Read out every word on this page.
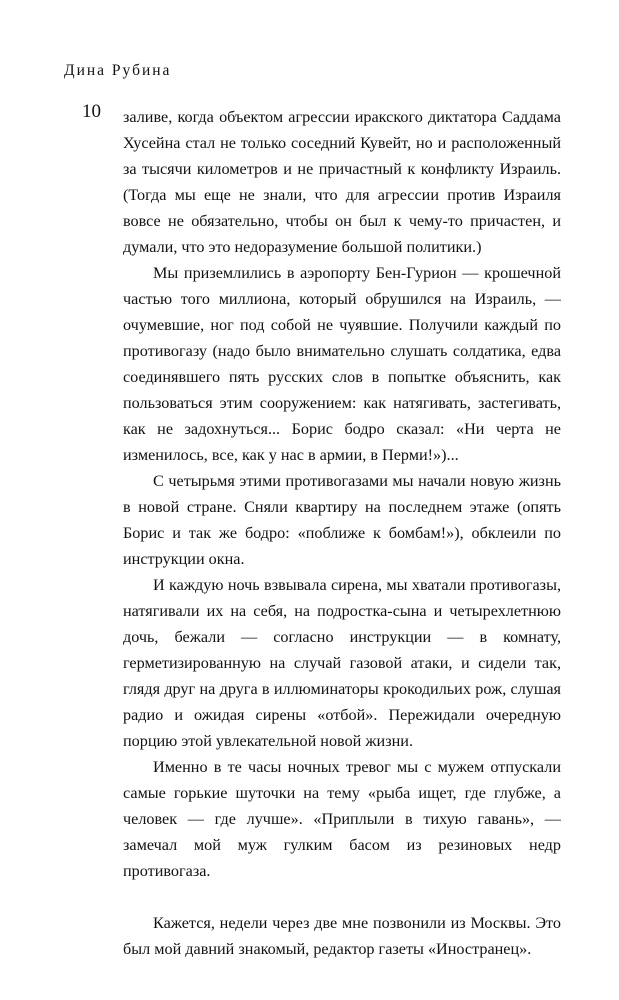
Дина Рубина
10 заливе, когда объектом агрессии иракского диктатора Саддама Хусейна стал не только соседний Кувейт, но и расположенный за тысячи километров и не причастный к конфликту Израиль. (Тогда мы еще не знали, что для агрессии против Израиля вовсе не обязательно, чтобы он был к чему-то причастен, и думали, что это недоразумение большой политики.)

Мы приземлились в аэропорту Бен-Гурион — крошечной частью того миллиона, который обрушился на Израиль, — очумевшие, ног под собой не чуявшие. Получили каждый по противогазу (надо было внимательно слушать солдатика, едва соединявшего пять русских слов в попытке объяснить, как пользоваться этим сооружением: как натягивать, застегивать, как не задохнуться... Борис бодро сказал: «Ни черта не изменилось, все, как у нас в армии, в Перми!»)...

С четырьмя этими противогазами мы начали новую жизнь в новой стране. Сняли квартиру на последнем этаже (опять Борис и так же бодро: «поближе к бомбам!»), обклеили по инструкции окна.

И каждую ночь взвывала сирена, мы хватали противогазы, натягивали их на себя, на подростка-сына и четырехлетнюю дочь, бежали — согласно инструкции — в комнату, герметизированную на случай газовой атаки, и сидели так, глядя друг на друга в иллюминаторы крокодильих рож, слушая радио и ожидая сирены «отбой». Пережидали очередную порцию этой увлекательной новой жизни.

Именно в те часы ночных тревог мы с мужем отпускали самые горькие шуточки на тему «рыба ищет, где глубже, а человек — где лучше». «Приплыли в тихую гавань», — замечал мой муж гулким басом из резиновых недр противогаза.

Кажется, недели через две мне позвонили из Москвы. Это был мой давний знакомый, редактор газеты «Иностранец».
